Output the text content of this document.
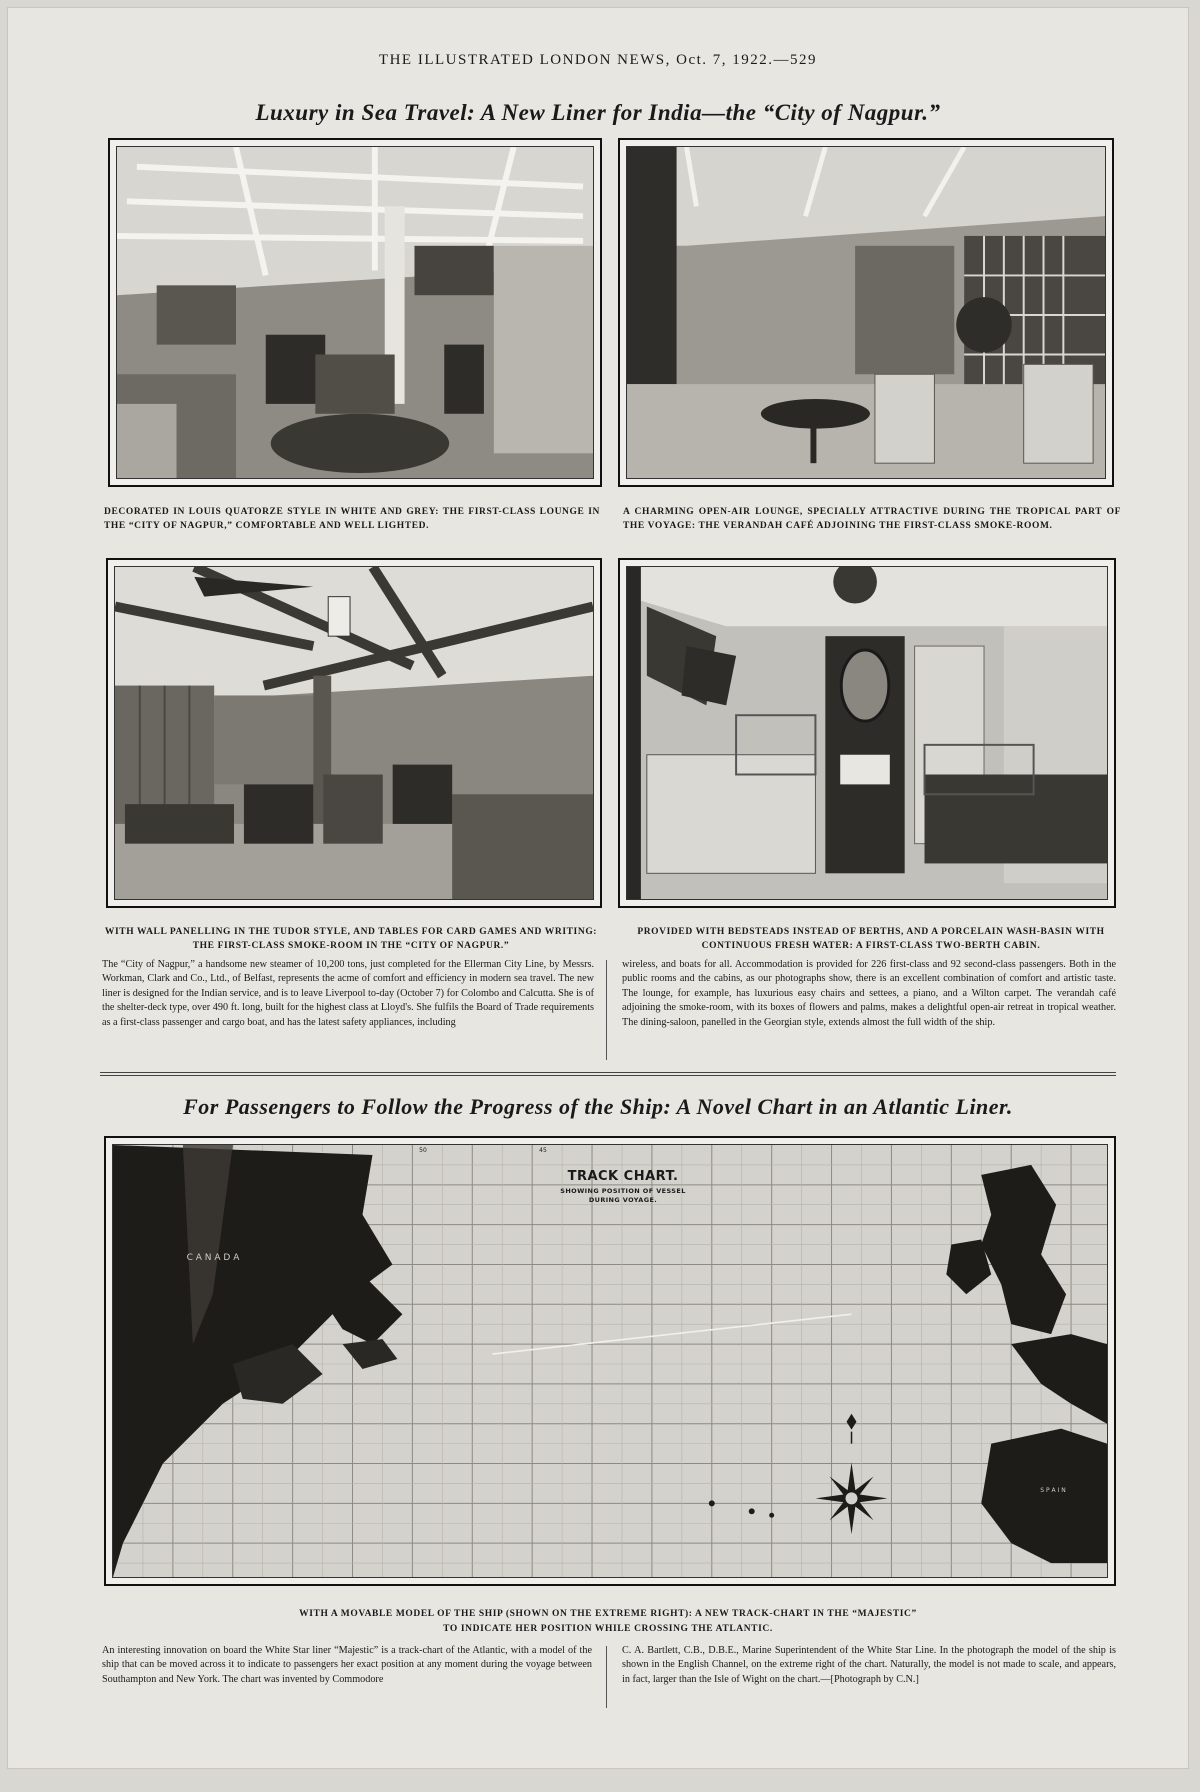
THE ILLUSTRATED LONDON NEWS, Oct. 7, 1922.—529
Luxury in Sea Travel: A New Liner for India—the “City of Nagpur.”
DECORATED IN LOUIS QUATORZE STYLE IN WHITE AND GREY: THE FIRST-CLASS LOUNGE IN THE “CITY OF NAGPUR,” COMFORTABLE AND WELL LIGHTED.
A CHARMING OPEN-AIR LOUNGE, SPECIALLY ATTRACTIVE DURING THE TROPICAL PART OF THE VOYAGE: THE VERANDAH CAFÉ ADJOINING THE FIRST-CLASS SMOKE-ROOM.
WITH WALL PANELLING IN THE TUDOR STYLE, AND TABLES FOR CARD GAMES AND WRITING: THE FIRST-CLASS SMOKE-ROOM IN THE “CITY OF NAGPUR.”
PROVIDED WITH BEDSTEADS INSTEAD OF BERTHS, AND A PORCELAIN WASH-BASIN WITH CONTINUOUS FRESH WATER: A FIRST-CLASS TWO-BERTH CABIN.
The “City of Nagpur,” a handsome new steamer of 10,200 tons, just completed for the Ellerman City Line, by Messrs. Workman, Clark and Co., Ltd., of Belfast, represents the acme of comfort and efficiency in modern sea travel. The new liner is designed for the Indian service, and is to leave Liverpool to-day (October 7) for Colombo and Calcutta. She is of the shelter-deck type, over 490 ft. long, built for the highest class at Lloyd's. She fulfils the Board of Trade requirements as a first-class passenger and cargo boat, and has the latest safety appliances, including
wireless, and boats for all. Accommodation is provided for 226 first-class and 92 second-class passengers. Both in the public rooms and the cabins, as our photographs show, there is an excellent combination of comfort and artistic taste. The lounge, for example, has luxurious easy chairs and settees, a piano, and a Wilton carpet. The verandah café adjoining the smoke-room, with its boxes of flowers and palms, makes a delightful open-air retreat in tropical weather. The dining-saloon, panelled in the Georgian style, extends almost the full width of the ship.
For Passengers to Follow the Progress of the Ship: A Novel Chart in an Atlantic Liner.
TRACK CHART.
SHOWING POSITION OF VESSEL
DURING VOYAGE.
50	45
C A N A D A
S P A I N
WITH A MOVABLE MODEL OF THE SHIP (SHOWN ON THE EXTREME RIGHT): A NEW TRACK-CHART IN THE “MAJESTIC”
TO INDICATE HER POSITION WHILE CROSSING THE ATLANTIC.
An interesting innovation on board the White Star liner “Majestic” is a track-chart of the Atlantic, with a model of the ship that can be moved across it to indicate to passengers her exact position at any moment during the voyage between Southampton and New York. The chart was invented by Commodore
C. A. Bartlett, C.B., D.B.E., Marine Superintendent of the White Star Line. In the photograph the model of the ship is shown in the English Channel, on the extreme right of the chart. Naturally, the model is not made to scale, and appears, in fact, larger than the Isle of Wight on the chart.—[Photograph by C.N.]
